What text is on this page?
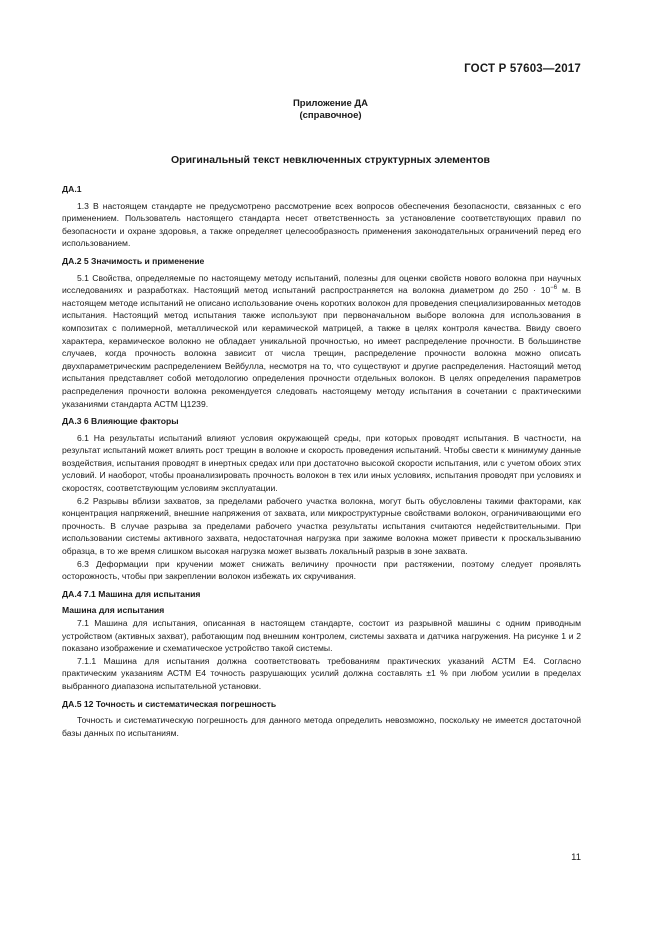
ГОСТ Р 57603—2017
Приложение ДА
(справочное)
Оригинальный текст невключенных структурных элементов
ДА.1

1.3 В настоящем стандарте не предусмотрено рассмотрение всех вопросов обеспечения безопасности, связанных с его применением. Пользователь настоящего стандарта несет ответственность за установление соответствующих правил по безопасности и охране здоровья, а также определяет целесообразность применения законодательных ограничений перед его использованием.

ДА.2 5 Значимость и применение

5.1 Свойства, определяемые по настоящему методу испытаний, полезны для оценки свойств нового волокна при научных исследованиях и разработках. Настоящий метод испытаний распространяется на волокна диаметром до $250 \cdot 10^{-6}$ м. В настоящем методе испытаний не описано использование очень коротких волокон для проведения специализированных методов испытания. Настоящий метод испытания также используют при первоначальном выборе волокна для использования в композитах с полимерной, металлической или керамической матрицей, а также в целях контроля качества. Ввиду своего характера, керамическое волокно не обладает уникальной прочностью, но имеет распределение прочности. В большинстве случаев, когда прочность волокна зависит от числа трещин, распределение прочности волокна можно описать двухпараметрическим распределением Вейбулла, несмотря на то, что существуют и другие распределения. Настоящий метод испытания представляет собой методологию определения прочности отдельных волокон. В целях определения параметров распределения прочности волокна рекомендуется следовать настоящему методу испытания в сочетании с практическими указаниями стандарта АСТМ Ц1239.

ДА.3 6 Влияющие факторы

6.1 На результаты испытаний влияют условия окружающей среды, при которых проводят испытания. В частности, на результат испытаний может влиять рост трещин в волокне и скорость проведения испытаний. Чтобы свести к минимуму данные воздействия, испытания проводят в инертных средах или при достаточно высокой скорости испытания, или с учетом обоих этих условий. И наоборот, чтобы проанализировать прочность волокон в тех или иных условиях, испытания проводят при условиях и скоростях, соответствующим условиям эксплуатации.

6.2 Разрывы вблизи захватов, за пределами рабочего участка волокна, могут быть обусловлены такими факторами, как концентрация напряжений, внешние напряжения от захвата, или микроструктурные свойствами волокон, ограничивающими его прочность. В случае разрыва за пределами рабочего участка результаты испытания считаются недействительными. При использовании системы активного захвата, недостаточная нагрузка при зажиме волокна может привести к проскальзыванию образца, в то же время слишком высокая нагрузка может вызвать локальный разрыв в зоне захвата.

6.3 Деформации при кручении может снижать величину прочности при растяжении, поэтому следует проявлять осторожность, чтобы при закреплении волокон избежать их скручивания.

ДА.4 7.1 Машина для испытания
Машина для испытания

7.1 Машина для испытания, описанная в настоящем стандарте, состоит из разрывной машины с одним приводным устройством (активных захват), работающим под внешним контролем, системы захвата и датчика нагружения. На рисунке 1 и 2 показано изображение и схематическое устройство такой системы.

7.1.1 Машина для испытания должна соответствовать требованиям практических указаний АСТМ Е4. Согласно практическим указаниям АСТМ Е4 точность разрушающих усилий должна составлять ±1 % при любом усилии в пределах выбранного диапазона испытательной установки.

ДА.5 12 Точность и систематическая погрешность

Точность и систематическую погрешность для данного метода определить невозможно, поскольку не имеется достаточной базы данных по испытаниям.

11
